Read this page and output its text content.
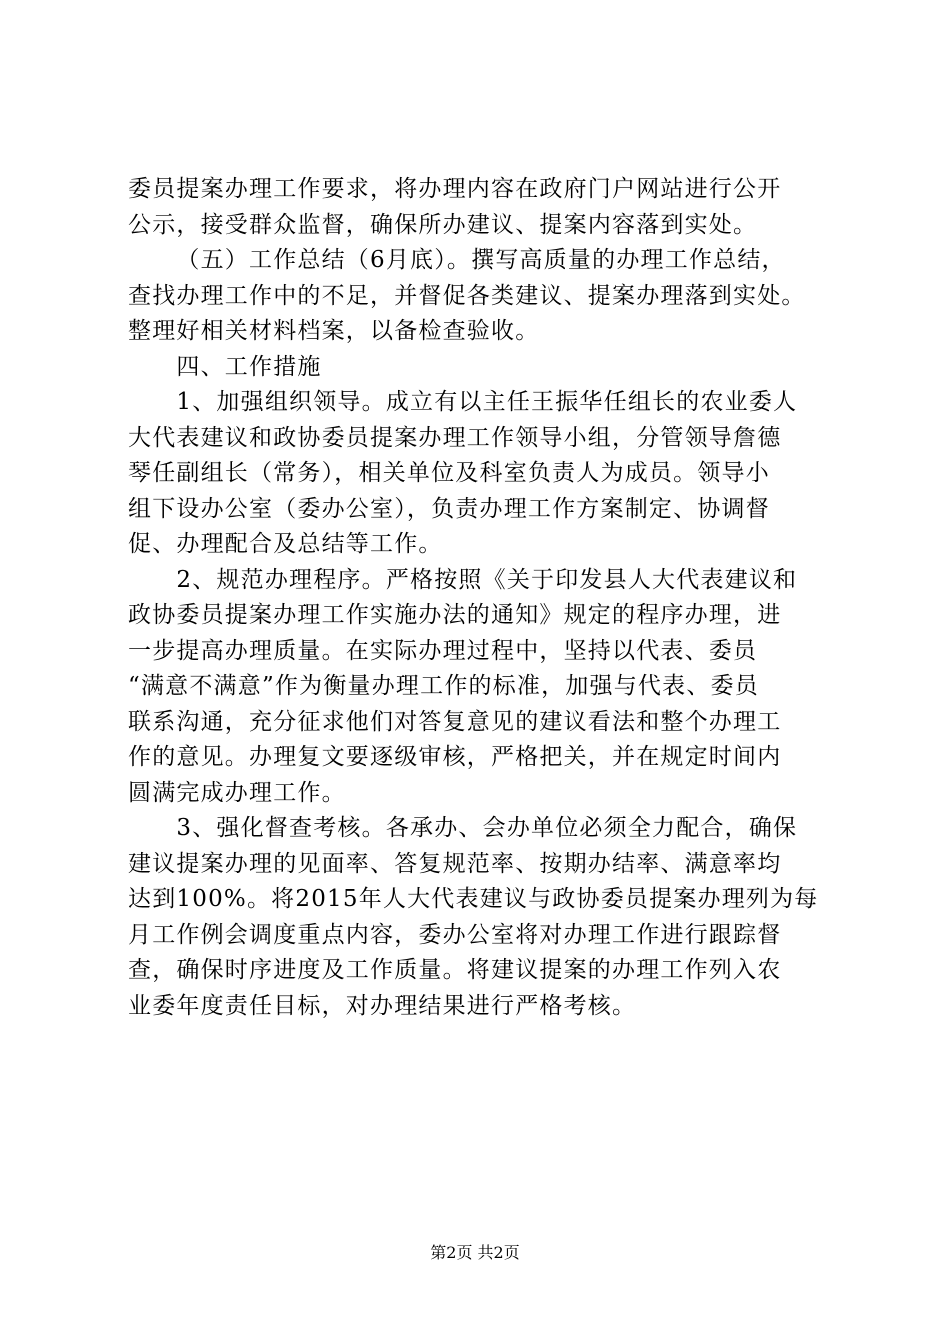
委员提案办理工作要求，将办理内容在政府门户网站进行公开
公示，接受群众监督，确保所办建议、提案内容落到实处。
（五）工作总结（6月底）。撰写高质量的办理工作总结，
查找办理工作中的不足，并督促各类建议、提案办理落到实处。
整理好相关材料档案，以备检查验收。
四、工作措施
1、加强组织领导。成立有以主任王振华任组长的农业委人
大代表建议和政协委员提案办理工作领导小组，分管领导詹德
琴任副组长（常务），相关单位及科室负责人为成员。领导小
组下设办公室（委办公室），负责办理工作方案制定、协调督
促、办理配合及总结等工作。
2、规范办理程序。严格按照《关于印发县人大代表建议和
政协委员提案办理工作实施办法的通知》规定的程序办理，进
一步提高办理质量。在实际办理过程中，坚持以代表、委员
“满意不满意”作为衡量办理工作的标准，加强与代表、委员
联系沟通，充分征求他们对答复意见的建议看法和整个办理工
作的意见。办理复文要逐级审核，严格把关，并在规定时间内
圆满完成办理工作。
3、强化督查考核。各承办、会办单位必须全力配合，确保
建议提案办理的见面率、答复规范率、按期办结率、满意率均
达到100%。将2015年人大代表建议与政协委员提案办理列为每
月工作例会调度重点内容，委办公室将对办理工作进行跟踪督
查，确保时序进度及工作质量。将建议提案的办理工作列入农
业委年度责任目标，对办理结果进行严格考核。
第2页 共2页
